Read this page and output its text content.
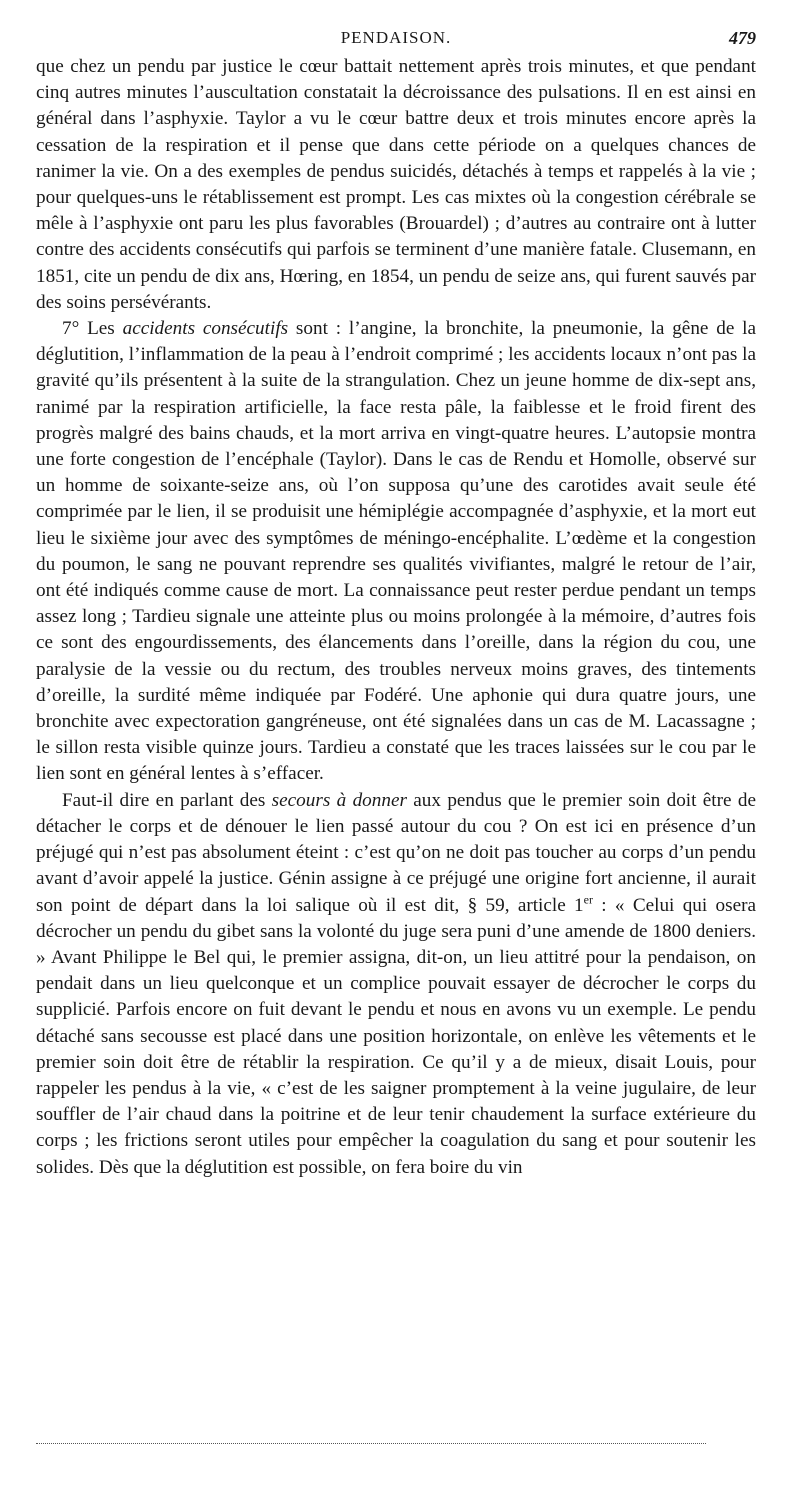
PENDAISON.	479

que chez un pendu par justice le cœur battait nettement après trois minutes, et que pendant cinq autres minutes l’auscultation constatait la décroissance des pulsations. Il en est ainsi en général dans l’asphyxie. Taylor a vu le cœur battre deux et trois minutes encore après la cessation de la respiration et il pense que dans cette période on a quelques chances de ranimer la vie. On a des exemples de pendus suicidés, détachés à temps et rappelés à la vie ; pour quelques-uns le rétablissement est prompt. Les cas mixtes où la congestion cérébrale se mêle à l’asphyxie ont paru les plus favorables (Brouardel) ; d’autres au contraire ont à lutter contre des accidents consécutifs qui parfois se terminent d’une manière fatale. Clusemann, en 1851, cite un pendu de dix ans, Hœring, en 1854, un pendu de seize ans, qui furent sauvés par des soins persévérants.

7° Les accidents consécutifs sont : l’angine, la bronchite, la pneumonie, la gêne de la déglutition, l’inflammation de la peau à l’endroit comprimé ; les accidents locaux n’ont pas la gravité qu’ils présentent à la suite de la strangulation. Chez un jeune homme de dix-sept ans, ranimé par la respiration artificielle, la face resta pâle, la faiblesse et le froid firent des progrès malgré des bains chauds, et la mort arriva en vingt-quatre heures. L’autopsie montra une forte congestion de l’encéphale (Taylor). Dans le cas de Rendu et Homolle, observé sur un homme de soixante-seize ans, où l’on supposa qu’une des carotides avait seule été comprimée par le lien, il se produisit une hémiplégie accompagnée d’asphyxie, et la mort eut lieu le sixième jour avec des symptômes de méningo-encéphalite. L’œdème et la congestion du poumon, le sang ne pouvant reprendre ses qualités vivifiantes, malgré le retour de l’air, ont été indiqués comme cause de mort. La connaissance peut rester perdue pendant un temps assez long ; Tardieu signale une atteinte plus ou moins prolongée à la mémoire, d’autres fois ce sont des engourdissements, des élancements dans l’oreille, dans la région du cou, une paralysie de la vessie ou du rectum, des troubles nerveux moins graves, des tintements d’oreille, la surdité même indiquée par Fodéré. Une aphonie qui dura quatre jours, une bronchite avec expectoration gangréneuse, ont été signalées dans un cas de M. Lacassagne ; le sillon resta visible quinze jours. Tardieu a constaté que les traces laissées sur le cou par le lien sont en général lentes à s’effacer.

Faut-il dire en parlant des secours à donner aux pendus que le premier soin doit être de détacher le corps et de dénouer le lien passé autour du cou ? On est ici en présence d’un préjugé qui n’est pas absolument éteint : c’est qu’on ne doit pas toucher au corps d’un pendu avant d’avoir appelé la justice. Génin assigne à ce préjugé une origine fort ancienne, il aurait son point de départ dans la loi salique où il est dit, § 59, article 1er : « Celui qui osera décrocher un pendu du gibet sans la volonté du juge sera puni d’une amende de 1800 deniers. » Avant Philippe le Bel qui, le premier assigna, dit-on, un lieu attitré pour la pendaison, on pendait dans un lieu quelconque et un complice pouvait essayer de décrocher le corps du supplicié. Parfois encore on fuit devant le pendu et nous en avons vu un exemple. Le pendu détaché sans secousse est placé dans une position horizontale, on enlève les vêtements et le premier soin doit être de rétablir la respiration. Ce qu’il y a de mieux, disait Louis, pour rappeler les pendus à la vie, « c’est de les saigner promptement à la veine jugulaire, de leur souffler de l’air chaud dans la poitrine et de leur tenir chaudement la surface extérieure du corps ; les frictions seront utiles pour empêcher la coagulation du sang et pour soutenir les solides. Dès que la déglutition est possible, on fera boire du vin
